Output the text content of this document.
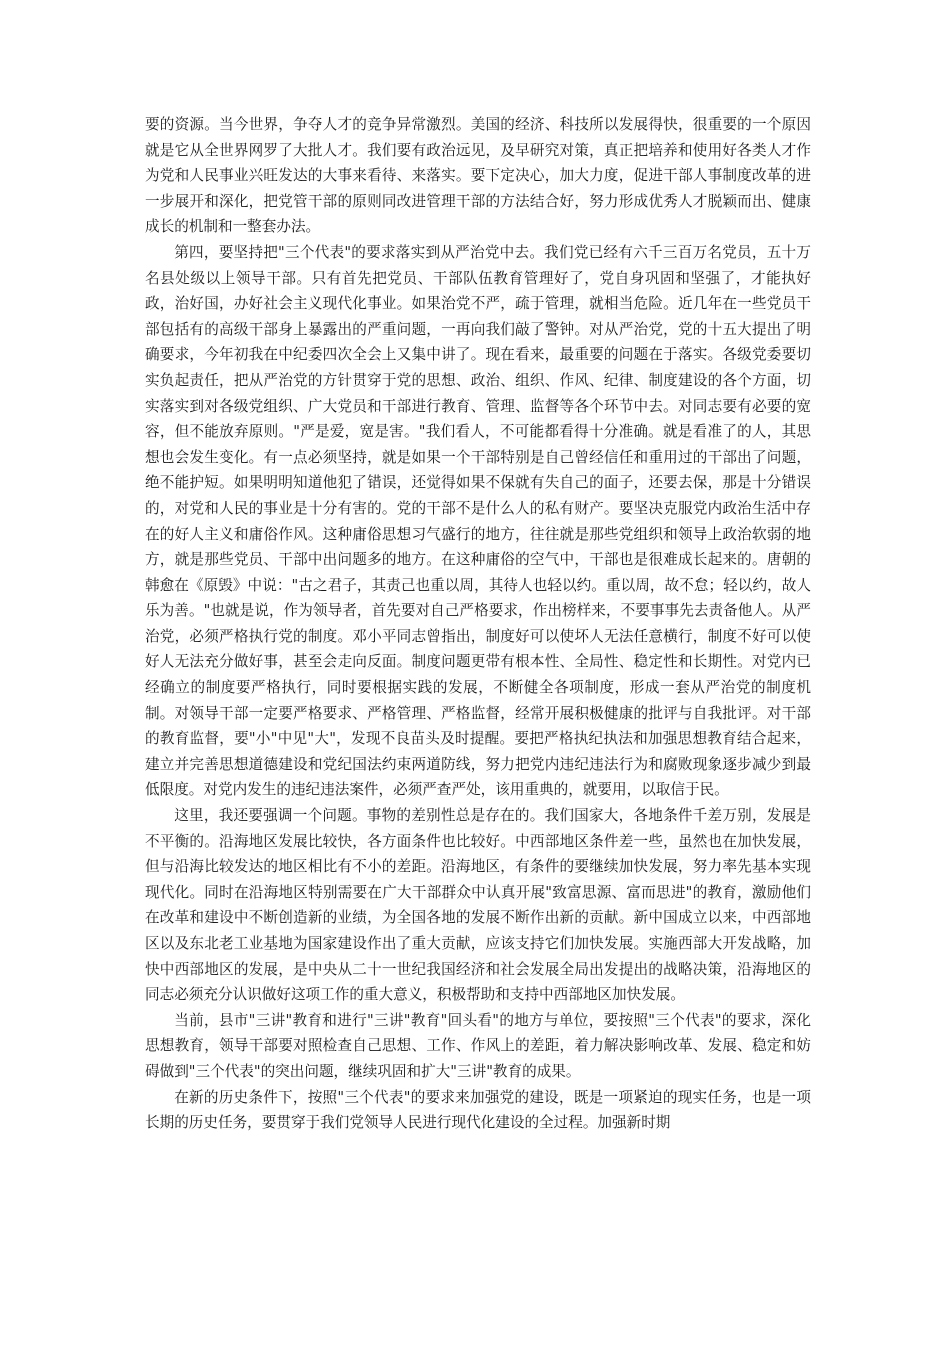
要的资源。当今世界，争夺人才的竞争异常激烈。美国的经济、科技所以发展得快，很重要的一个原因就是它从全世界网罗了大批人才。我们要有政治远见，及早研究对策，真正把培养和使用好各类人才作为党和人民事业兴旺发达的大事来看待、来落实。要下定决心，加大力度，促进干部人事制度改革的进一步展开和深化，把党管干部的原则同改进管理干部的方法结合好，努力形成优秀人才脱颖而出、健康成长的机制和一整套办法。

第四，要坚持把"三个代表"的要求落实到从严治党中去。我们党已经有六千三百万名党员，五十万名县处级以上领导干部。只有首先把党员、干部队伍教育管理好了，党自身巩固和坚强了，才能执好政，治好国，办好社会主义现代化事业。如果治党不严，疏于管理，就相当危险。近几年在一些党员干部包括有的高级干部身上暴露出的严重问题，一再向我们敲了警钟。对从严治党，党的十五大提出了明确要求，今年初我在中纪委四次全会上又集中讲了。现在看来，最重要的问题在于落实。各级党委要切实负起责任，把从严治党的方针贯穿于党的思想、政治、组织、作风、纪律、制度建设的各个方面，切实落实到对各级党组织、广大党员和干部进行教育、管理、监督等各个环节中去。对同志要有必要的宽容，但不能放弃原则。"严是爱，宽是害。"我们看人，不可能都看得十分准确。就是看准了的人，其思想也会发生变化。有一点必须坚持，就是如果一个干部特别是自己曾经信任和重用过的干部出了问题，绝不能护短。如果明明知道他犯了错误，还觉得如果不保就有失自己的面子，还要去保，那是十分错误的，对党和人民的事业是十分有害的。党的干部不是什么人的私有财产。要坚决克服党内政治生活中存在的好人主义和庸俗作风。这种庸俗思想习气盛行的地方，往往就是那些党组织和领导上政治软弱的地方，就是那些党员、干部中出问题多的地方。在这种庸俗的空气中，干部也是很难成长起来的。唐朝的韩愈在《原毁》中说："古之君子，其责己也重以周，其待人也轻以约。重以周，故不怠；轻以约，故人乐为善。"也就是说，作为领导者，首先要对自己严格要求，作出榜样来，不要事事先去责备他人。从严治党，必须严格执行党的制度。邓小平同志曾指出，制度好可以使坏人无法任意横行，制度不好可以使好人无法充分做好事，甚至会走向反面。制度问题更带有根本性、全局性、稳定性和长期性。对党内已经确立的制度要严格执行，同时要根据实践的发展，不断健全各项制度，形成一套从严治党的制度机制。对领导干部一定要严格要求、严格管理、严格监督，经常开展积极健康的批评与自我批评。对干部的教育监督，要"小"中见"大"，发现不良苗头及时提醒。要把严格执纪执法和加强思想教育结合起来，建立并完善思想道德建设和党纪国法约束两道防线，努力把党内违纪违法行为和腐败现象逐步减少到最低限度。对党内发生的违纪违法案件，必须严查严处，该用重典的，就要用，以取信于民。

这里，我还要强调一个问题。事物的差别性总是存在的。我们国家大，各地条件千差万别，发展是不平衡的。沿海地区发展比较快，各方面条件也比较好。中西部地区条件差一些，虽然也在加快发展，但与沿海比较发达的地区相比有不小的差距。沿海地区，有条件的要继续加快发展，努力率先基本实现现代化。同时在沿海地区特别需要在广大干部群众中认真开展"致富思源、富而思进"的教育，激励他们在改革和建设中不断创造新的业绩，为全国各地的发展不断作出新的贡献。新中国成立以来，中西部地区以及东北老工业基地为国家建设作出了重大贡献，应该支持它们加快发展。实施西部大开发战略，加快中西部地区的发展，是中央从二十一世纪我国经济和社会发展全局出发提出的战略决策，沿海地区的同志必须充分认识做好这项工作的重大意义，积极帮助和支持中西部地区加快发展。

当前，县市"三讲"教育和进行"三讲"教育"回头看"的地方与单位，要按照"三个代表"的要求，深化思想教育，领导干部要对照检查自己思想、工作、作风上的差距，着力解决影响改革、发展、稳定和妨碍做到"三个代表"的突出问题，继续巩固和扩大"三讲"教育的成果。

在新的历史条件下，按照"三个代表"的要求来加强党的建设，既是一项紧迫的现实任务，也是一项长期的历史任务，要贯穿于我们党领导人民进行现代化建设的全过程。加强新时期
